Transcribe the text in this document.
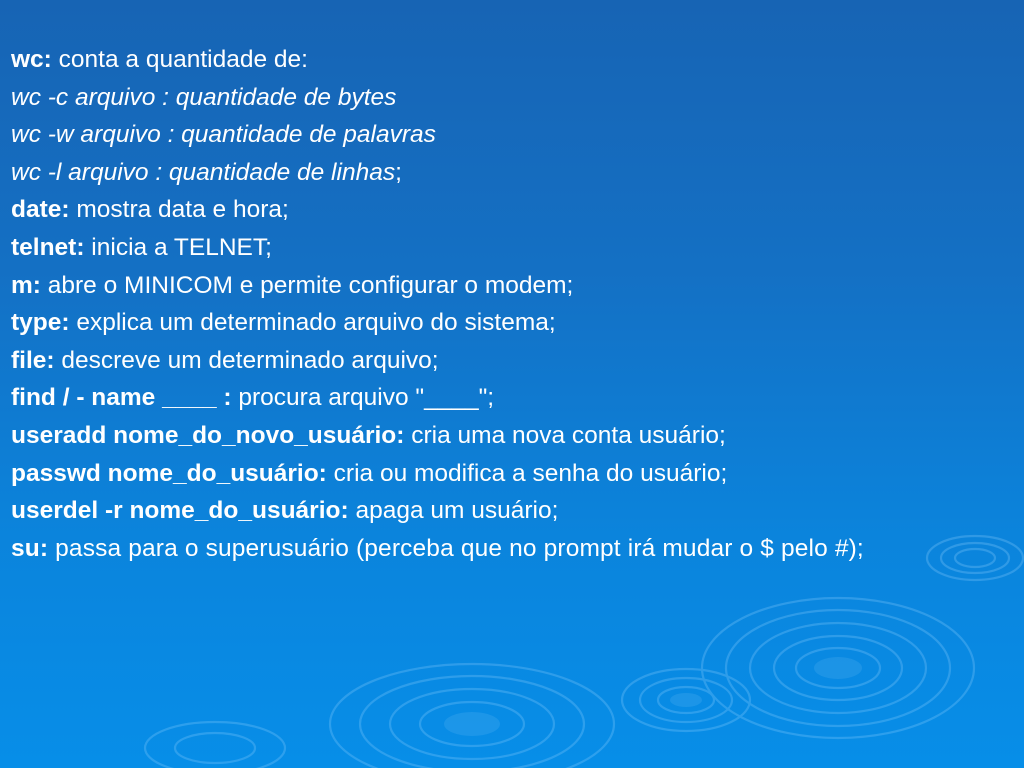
wc: conta a quantidade de:

wc -c arquivo : quantidade de bytes

wc -w arquivo : quantidade de palavras

wc -l arquivo : quantidade de linhas;

date: mostra data e hora;

telnet: inicia a TELNET;

m: abre o MINICOM e permite configurar o modem;

type: explica um determinado arquivo do sistema;

file: descreve um determinado arquivo;

find / - name ____ : procura arquivo "____";

useradd nome_do_novo_usuário: cria uma nova conta usuário;

passwd nome_do_usuário: cria ou modifica a senha do usuário;

userdel -r nome_do_usuário: apaga um usuário;

su: passa para o superusuário (perceba que no prompt irá mudar o $ pelo #);
